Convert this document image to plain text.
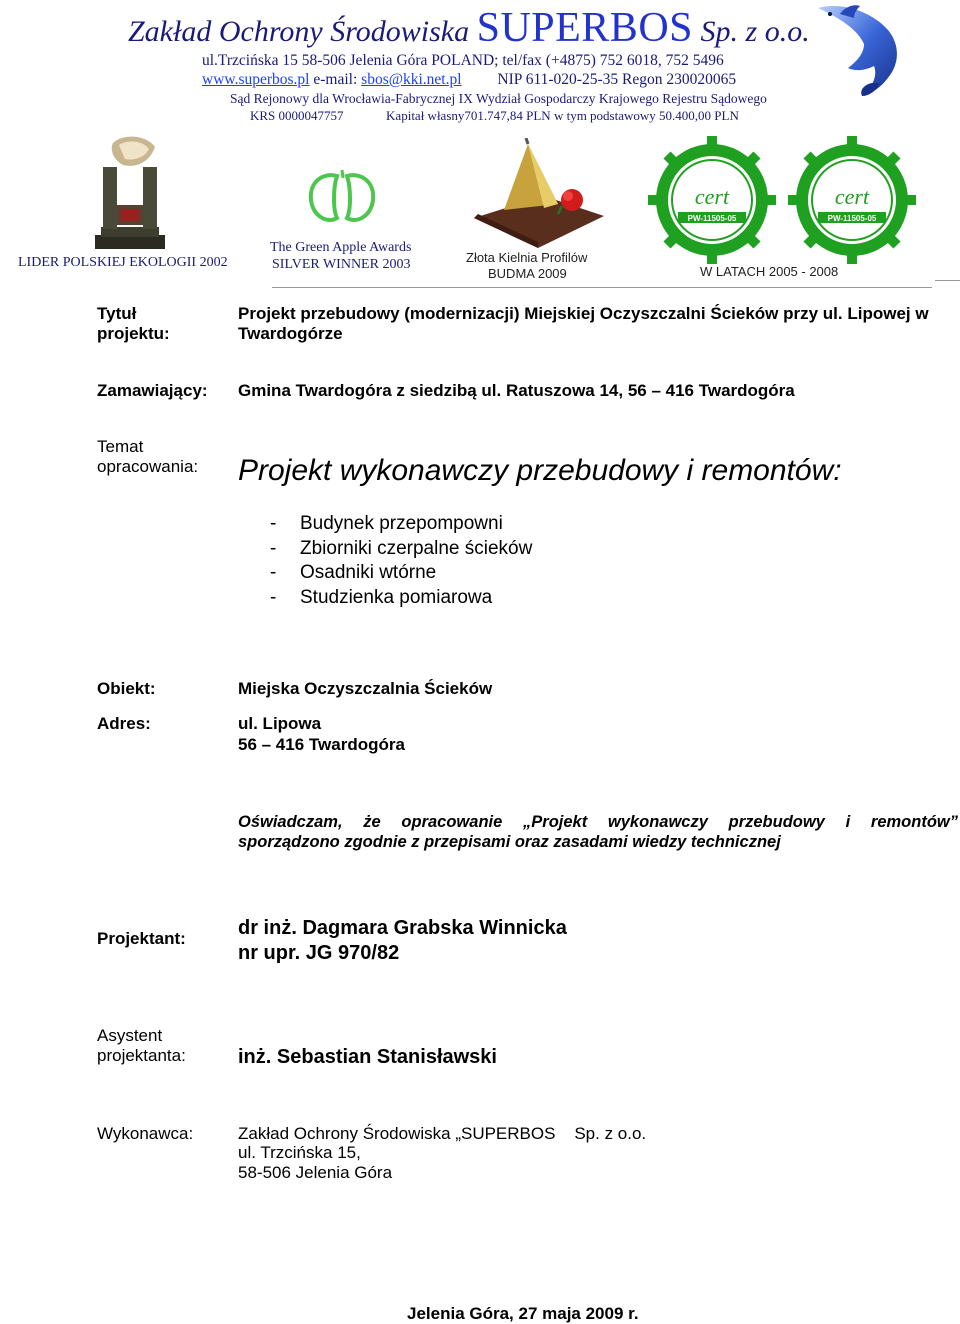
Zakład Ochrony Środowiska SUPERBOS Sp. z o.o.
ul.Trzcińska 15 58-506 Jelenia Góra POLAND; tel/fax (+4875) 752 6018, 752 5496
www.superbos.pl e-mail: sbos@kki.net.pl NIP 611-020-25-35 Regon 230020065
Sąd Rejonowy dla Wrocławia-Fabrycznej IX Wydział Gospodarczy Krajowego Rejestru Sądowego
KRS 0000047757	Kapitał własny701.747,84 PLN w tym podstawowy 50.400,00 PLN
LIDER POLSKIEJ EKOLOGII 2002
The Green Apple Awards
SILVER WINNER 2003	Złota Kielnia Profilów
BUDMA 2009
cert
PW-11505-05
cert
PW-11505-05
W LATACH 2005 - 2008
Tytuł
projektu:
Projekt przebudowy (modernizacji) Miejskiej Oczyszczalni Ścieków przy ul. Lipowej w
Twardogórze
Zamawiający: Gmina Twardogóra z siedzibą ul. Ratuszowa 14, 56 – 416 Twardogóra
Temat
opracowania: Projekt wykonawczy przebudowy i remontów:
- Budynek przepompowni
- Zbiorniki czerpalne ścieków
- Osadniki wtórne
- Studzienka pomiarowa
Obiekt:	Miejska Oczyszczalnia Ścieków
Adres:	ul. Lipowa
56 – 416 Twardogóra
Oświadczam, że opracowanie „Projekt wykonawczy przebudowy i remontów”
sporządzono zgodnie z przepisami oraz zasadami wiedzy technicznej
Projektant:	dr inż. Dagmara Grabska Winnicka
nr upr. JG 970/82
Asystent
projektanta:	inż. Sebastian Stanisławski
Wykonawca:	Zakład Ochrony Środowiska „SUPERBOS    Sp. z o.o.
ul. Trzcińska 15,
58-506 Jelenia Góra
Jelenia Góra, 27 maja 2009 r.
